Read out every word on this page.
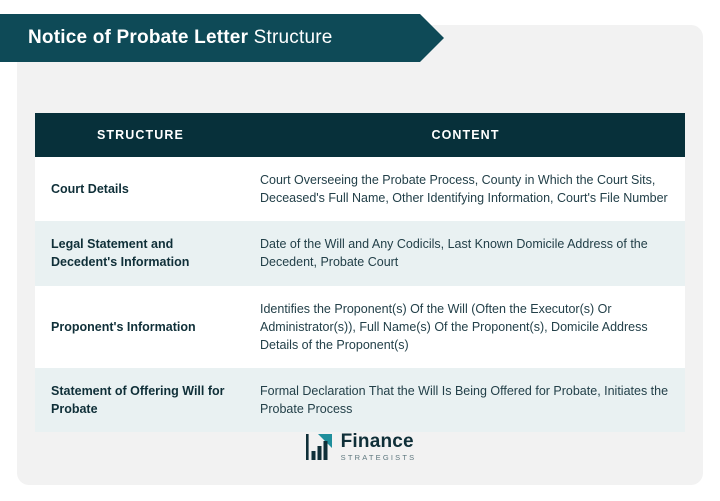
Notice of Probate Letter Structure
STRUCTURE	CONTENT
Court Details	Court Overseeing the Probate Process, County in Which the Court Sits, Deceased's Full Name, Other Identifying Information, Court's File Number
Legal Statement and Decedent's Information	Date of the Will and Any Codicils, Last Known Domicile Address of the Decedent, Probate Court
Proponent's Information	Identifies the Proponent(s) Of the Will (Often the Executor(s) Or Administrator(s)), Full Name(s) Of the Proponent(s), Domicile Address Details of the Proponent(s)
Statement of Offering Will for Probate	Formal Declaration That the Will Is Being Offered for Probate, Initiates the Probate Process
Finance
STRATEGISTS
